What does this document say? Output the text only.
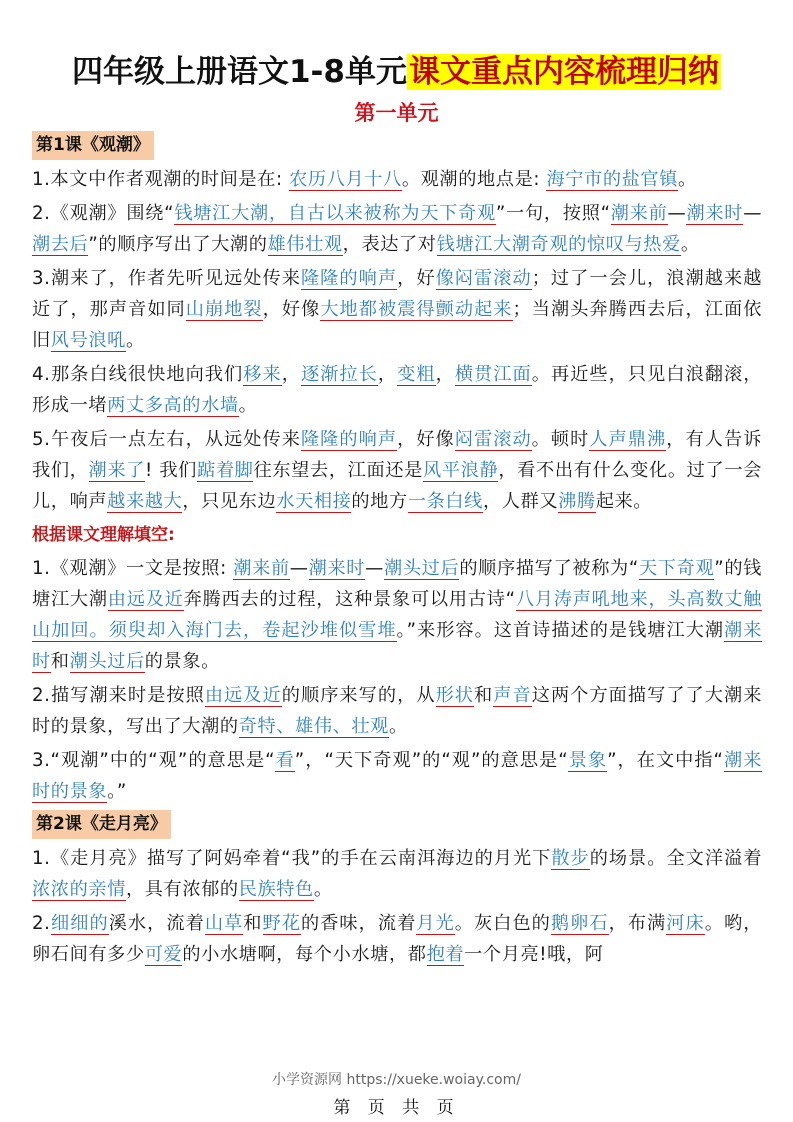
四年级上册语文1-8单元课文重点内容梳理归纳
第一单元
第1课《观潮》
1.本文中作者观潮的时间是在: 农历八月十八。观潮的地点是: 海宁市的盐官镇。
2.《观潮》围绕“钱塘江大潮，自古以来被称为天下奇观”一句，按照“潮来前—潮来时—潮去后”的顺序写出了大潮的雄伟壮观，表达了对钱塘江大潮奇观的惊叹与热爱。
3.潮来了，作者先听见远处传来隆隆的响声，好像闷雷滚动；过了一会儿，浪潮越来越近了，那声音如同山崩地裂，好像大地都被震得颤动起来；当潮头奔腾西去后，江面依旧风号浪吼。
4.那条白线很快地向我们移来，逐渐拉长，变粗，横贯江面。再近些，只见白浪翻滚，形成一堵两丈多高的水墙。
5.午夜后一点左右，从远处传来隆隆的响声，好像闷雷滚动。顿时人声鼎沸，有人告诉我们，潮来了! 我们踮着脚往东望去，江面还是风平浪静，看不出有什么变化。过了一会儿，响声越来越大，只见东边水天相接的地方一条白线，人群又沸腾起来。
根据课文理解填空:
1.《观潮》一文是按照: 潮来前—潮来时—潮头过后的顺序描写了被称为“天下奇观”的钱塘江大潮由远及近奔腾西去的过程，这种景象可以用古诗“八月涛声吼地来，头高数丈触山加回。须臾却入海门去，卷起沙堆似雪堆。”来形容。这首诗描述的是钱塘江大潮潮来时和潮头过后的景象。
2.描写潮来时是按照由远及近的顺序来写的，从形状和声音这两个方面描写了了大潮来时的景象，写出了大潮的奇特、雄伟、壮观。
3.“观潮”中的“观”的意思是“看”，“天下奇观”的“观”的意思是“景象”，在文中指“潮来时的景象。”
第2课《走月亮》
1.《走月亮》描写了阿妈牵着“我”的手在云南洱海边的月光下散步的场景。全文洋溢着浓浓的亲情，具有浓郁的民族特色。
2.细细的溪水，流着山草和野花的香味，流着月光。灰白色的鹅卵石，布满河床。哟，卵石间有多少可爱的小水塘啊，每个小水塘，都抱着一个月亮!哦，阿
小学资源网 https://xueke.woiay.com/
第 页 共 页
